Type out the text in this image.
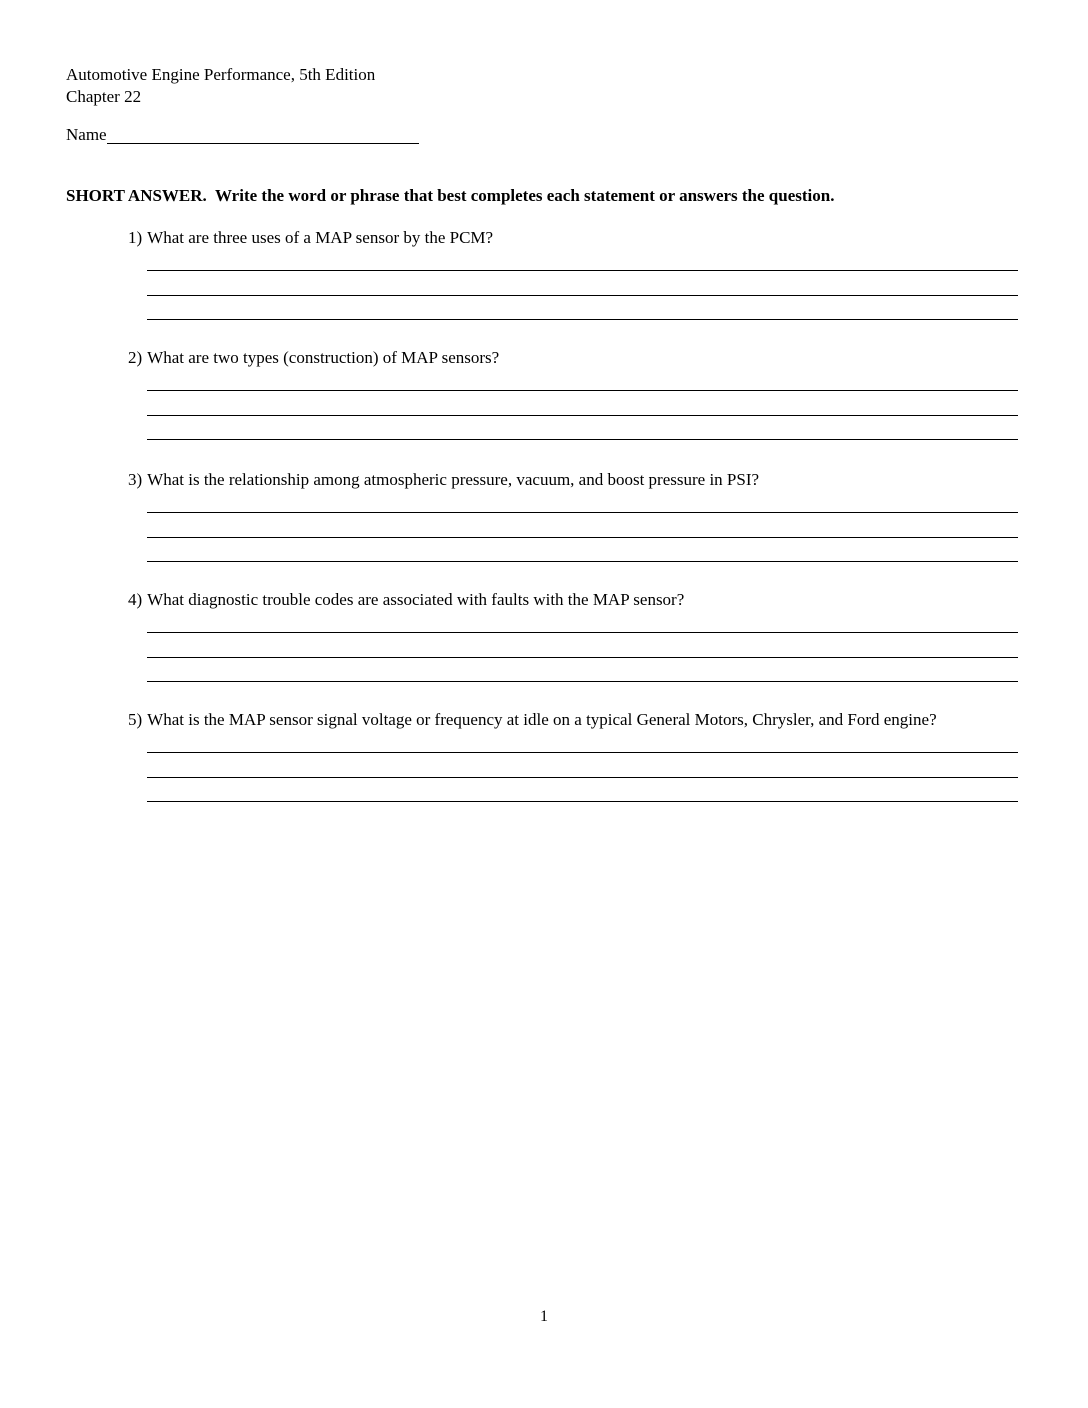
Automotive Engine Performance, 5th Edition
Chapter 22
Name
SHORT ANSWER.  Write the word or phrase that best completes each statement or answers the question.
1) What are three uses of a MAP sensor by the PCM?
2) What are two types (construction) of MAP sensors?
3) What is the relationship among atmospheric pressure, vacuum, and boost pressure in PSI?
4) What diagnostic trouble codes are associated with faults with the MAP sensor?
5) What is the MAP sensor signal voltage or frequency at idle on a typical General Motors, Chrysler, and Ford engine?
1
